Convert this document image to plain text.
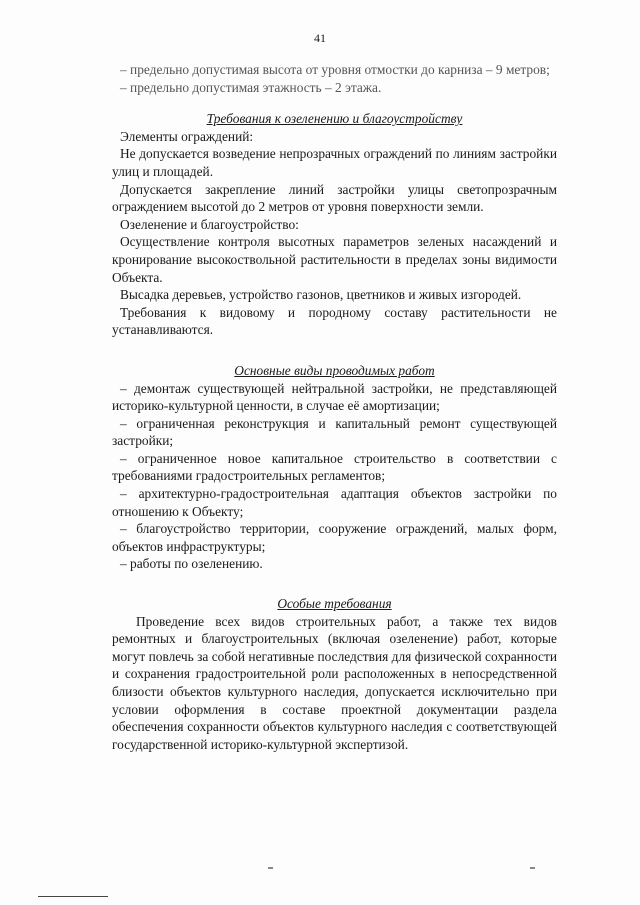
41

– предельно допустимая высота от уровня отмостки до карниза – 9 метров;

– предельно допустимая этажность – 2 этажа.

Требования к озеленению и благоустройству

Элементы ограждений:

Не допускается возведение непрозрачных ограждений по линиям застройки улиц и площадей.

Допускается закрепление линий застройки улицы светопрозрачным ограждением высотой до 2 метров от уровня поверхности земли.

Озеленение и благоустройство:

Осуществление контроля высотных параметров зеленых насаждений и кронирование высокоствольной растительности в пределах зоны видимости Объекта.

Высадка деревьев, устройство газонов, цветников и живых изгородей.

Требования к видовому и породному составу растительности не устанавливаются.

Основные виды проводимых работ

– демонтаж существующей нейтральной застройки, не представляющей историко-культурной ценности, в случае её амортизации;

– ограниченная реконструкция и капитальный ремонт существующей застройки;

– ограниченное новое капитальное строительство в соответствии с требованиями градостроительных регламентов;

– архитектурно-градостроительная адаптация объектов застройки по отношению к Объекту;

– благоустройство территории, сооружение ограждений, малых форм, объектов инфраструктуры;

– работы по озеленению.

Особые требования

Проведение всех видов строительных работ, а также тех видов ремонтных и благоустроительных (включая озеленение) работ, которые могут повлечь за собой негативные последствия для физической сохранности и сохранения градостроительной роли расположенных в непосредственной близости объектов культурного наследия, допускается исключительно при условии оформления в составе проектной документации раздела обеспечения сохранности объектов культурного наследия с соответствующей государственной историко-культурной экспертизой.
